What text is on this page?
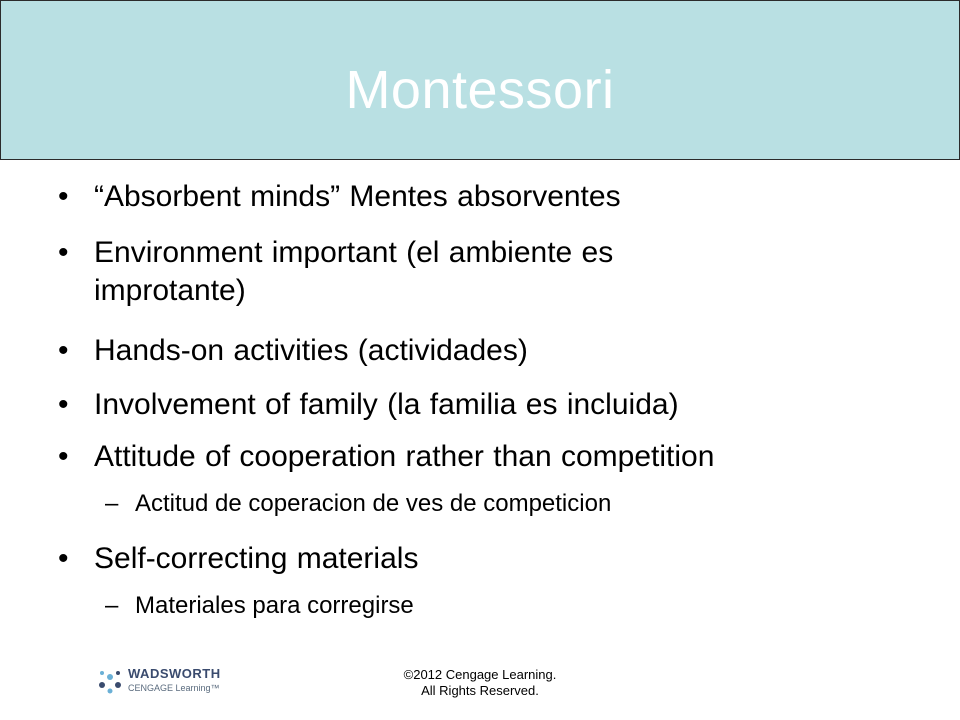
Montessori
• “Absorbent minds” Mentes absorventes
• Environment important (el ambiente es improtante)
• Hands-on activities (actividades)
• Involvement of family (la familia es incluida)
• Attitude of cooperation rather than competition
– Actitud de coperacion de ves de competicion
• Self-correcting materials
– Materiales para corregirse
WADSWORTH
CENGAGE Learning™
©2012 Cengage Learning.
All Rights Reserved.
